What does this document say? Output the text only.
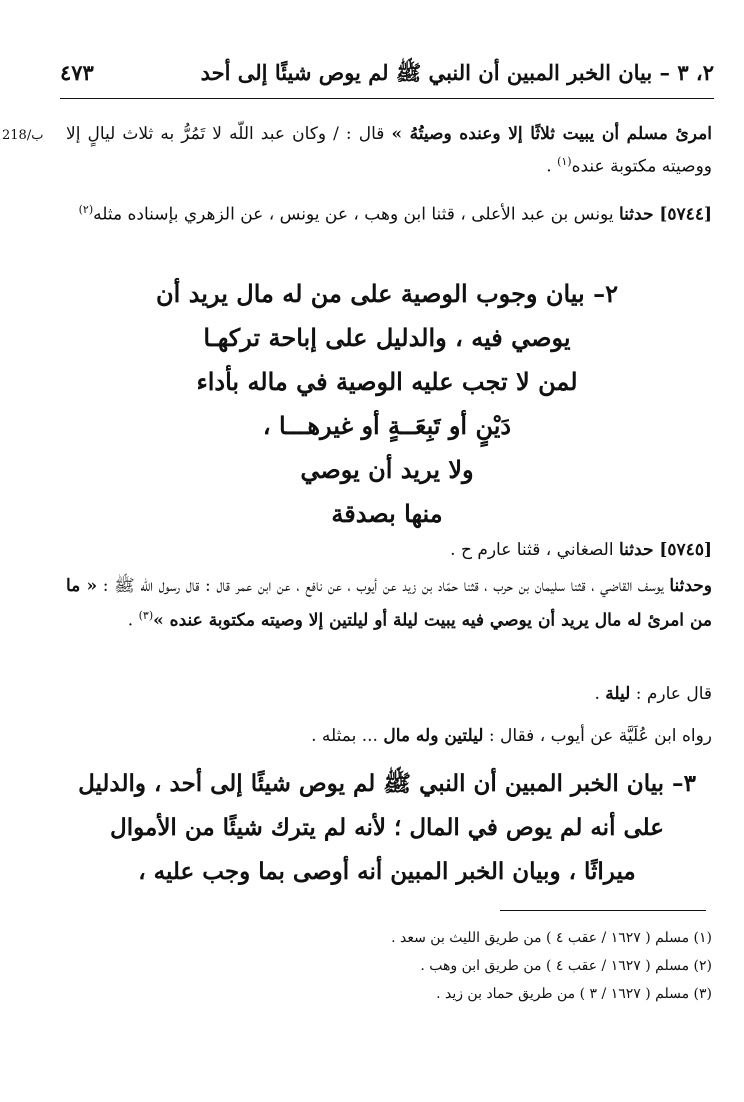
٢، ٣ – بيان الخبر المبين أن النبي ﷺ لم يوص شيئًا إلى أحد
٤٧٣
218/ب	امرئ مسلم أن يبيت ثلاثًا إلا وعنده وصيتُهُ » قال : / وكان عبد اللّه لا تَمُرُّ به ثلاث ليالٍ إلا ووصيته مكتوبة عنده$^{(١)}$ .
[٥٧٤٤] حدثنا يونس بن عبد الأعلى ، قثنا ابن وهب ، عن يونس ، عن الزهري بإسناده مثله$^{(٢)}$
٢– بيان وجوب الوصية على من له مال يريد أن
يوصي فيه ، والدليل على إباحة تركهـا
لمن لا تجب عليه الوصية في ماله بأداء
دَيْنٍ أو تَبِعَــةٍ أو غيرهـــا ،
ولا يريد أن يوصي
منها بصدقة
[٥٧٤٥] حدثنا الصغاني ، قثنا عارم ح .
وحدثنا يوسف القاضي ، قثنا سليمان بن حرب ، قثنا حمّاد بن زيد عن أيوب ، عن نافع ، عن ابن عمر قال : قال رسول اللّه ﷺ : « ما من امرئ له مال يريد أن يوصي فيه يبيت ليلة أو ليلتين إلا وصيته مكتوبة عنده »$^{(٣)}$ .
قال عارم : ليلة .
رواه ابن عُلَيَّة عن أيوب ، فقال : ليلتين وله مال ... بمثله .
٣– بيان الخبر المبين أن النبي ﷺ لم يوص شيئًا إلى أحد ، والدليل
على أنه لم يوص في المال ؛ لأنه لم يترك شيئًا من الأموال
ميراثًا ، وبيان الخبر المبين أنه أوصى بما وجب عليه ،
(١) مسلم ( ١٦٢٧ / عقب ٤ ) من طريق الليث بن سعد .
(٢) مسلم ( ١٦٢٧ / عقب ٤ ) من طريق ابن وهب .
(٣) مسلم ( ١٦٢٧ / ٣ ) من طريق حماد بن زيد .
